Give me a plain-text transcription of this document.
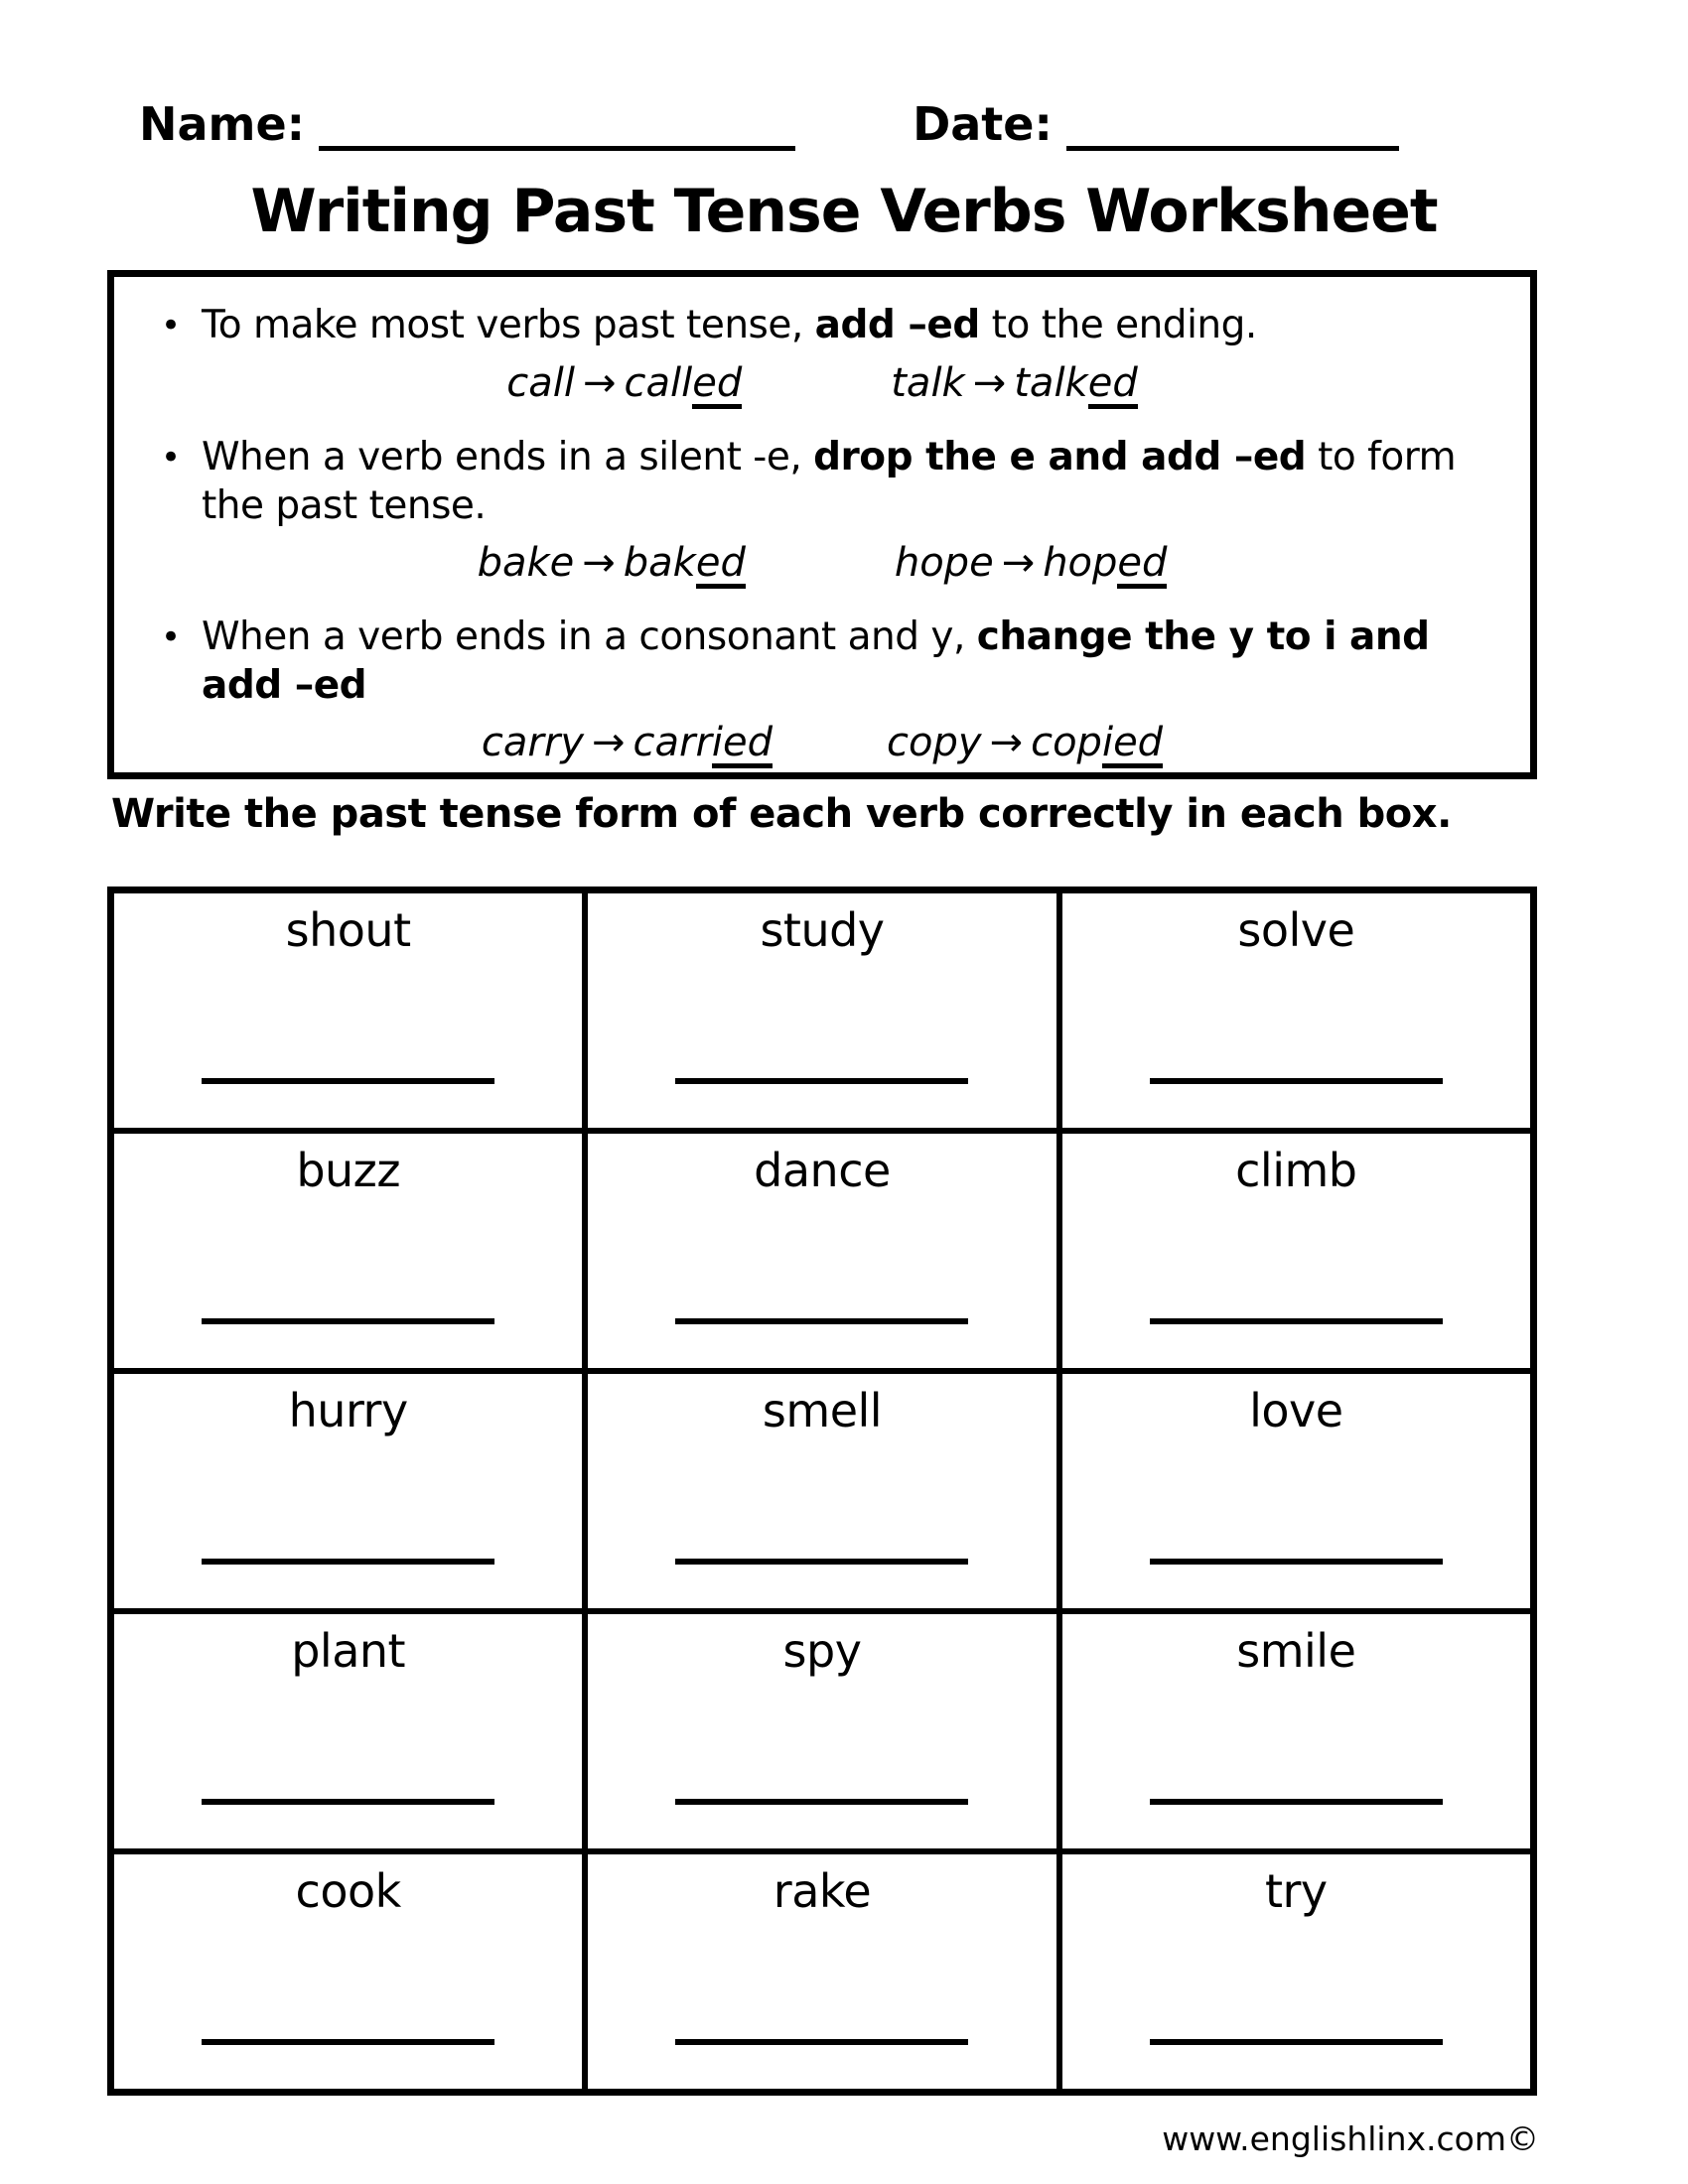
Name:	Date:
Writing Past Tense Verbs Worksheet
• To make most verbs past tense, add –ed to the ending.
call → called	talk → talked
• When a verb ends in a silent -e, drop the e and add –ed to form the past tense.
bake → baked	hope → hoped
• When a verb ends in a consonant and y, change the y to i and add –ed
carry → carried	copy → copied
Write the past tense form of each verb correctly in each box.
shout	study	solve
buzz	dance	climb
hurry	smell	love
plant	spy	smile
cook	rake	try
www.englishlinx.com©
